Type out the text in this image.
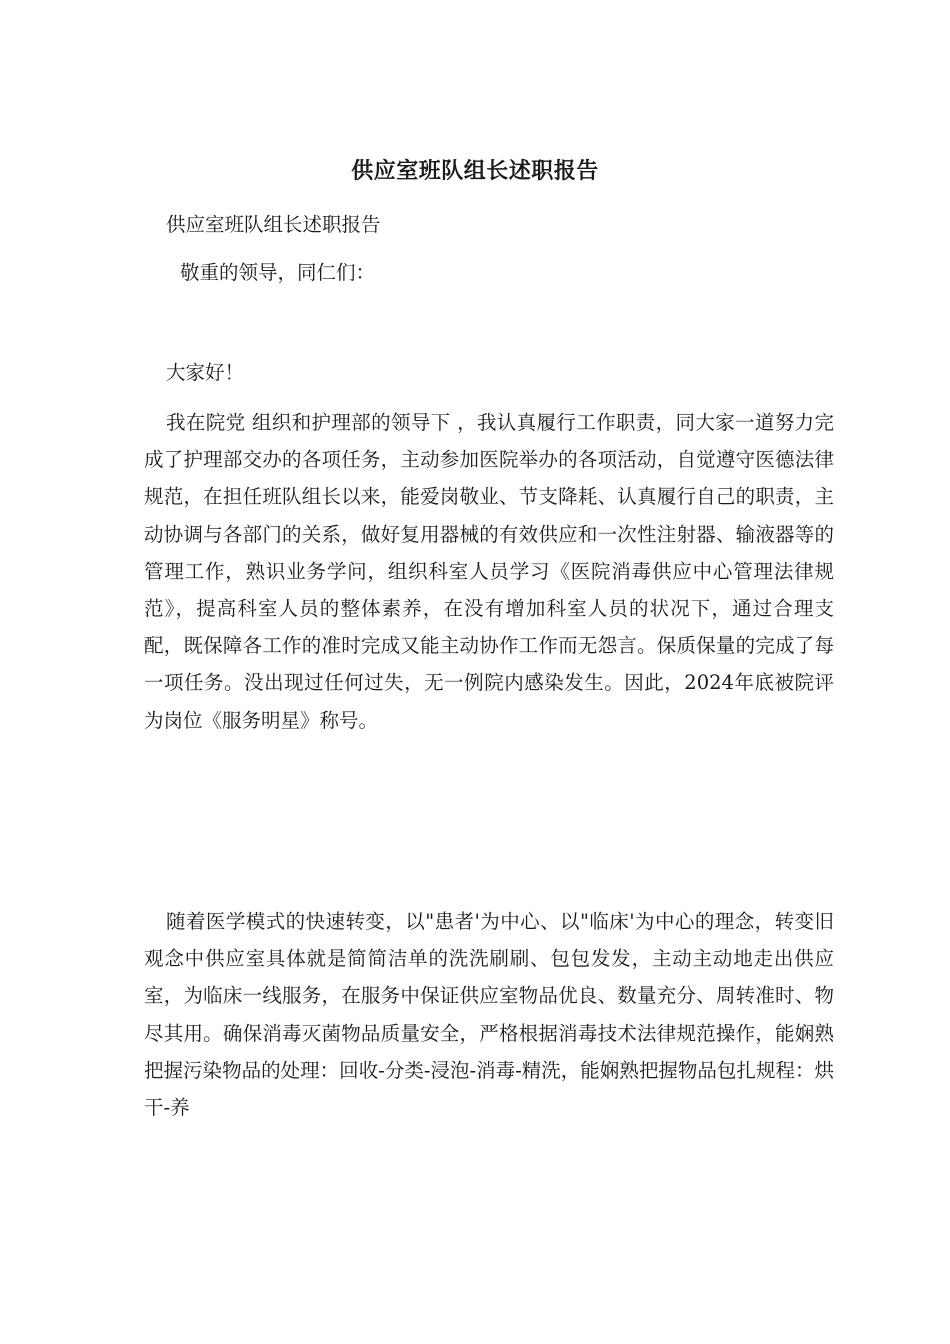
供应室班队组长述职报告
供应室班队组长述职报告
敬重的领导，同仁们：
大家好！
我在院党 组织和护理部的领导下 ，我认真履行工作职责，同大家一道努力完成了护理部交办的各项任务，主动参加医院举办的各项活动，自觉遵守医德法律规范，在担任班队组长以来，能爱岗敬业、节支降耗、认真履行自己的职责，主动协调与各部门的关系，做好复用器械的有效供应和一次性注射器、输液器等的管理工作，熟识业务学问，组织科室人员学习《医院消毒供应中心管理法律规范》，提高科室人员的整体素养，在没有增加科室人员的状况下，通过合理支配，既保障各工作的准时完成又能主动协作工作而无怨言。保质保量的完成了每一项任务。没出现过任何过失，无一例院内感染发生。因此，2024年底被院评为岗位《服务明星》称号。
随着医学模式的快速转变，以"患者'为中心、以"临床'为中心的理念，转变旧观念中供应室具体就是简简洁单的洗洗刷刷、包包发发，主动主动地走出供应室，为临床一线服务，在服务中保证供应室物品优良、数量充分、周转准时、物尽其用。确保消毒灭菌物品质量安全，严格根据消毒技术法律规范操作，能娴熟把握污染物品的处理：回收-分类-浸泡-消毒-精洗，能娴熟把握物品包扎规程：烘干-养
